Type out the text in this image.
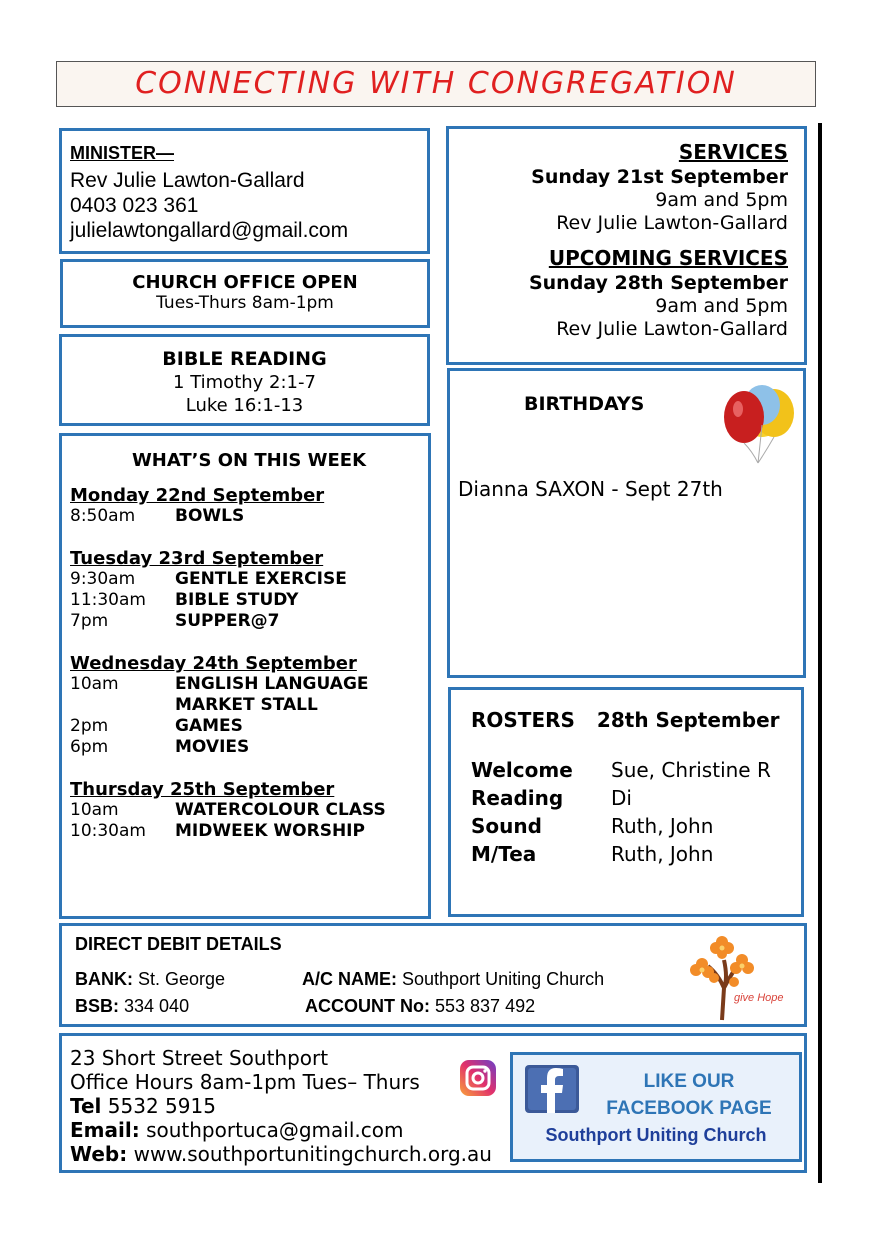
CONNECTING WITH CONGREGATION
MINISTER—
Rev Julie Lawton-Gallard
0403 023 361
julielawtongallard@gmail.com
CHURCH OFFICE OPEN
Tues-Thurs 8am-1pm
BIBLE READING
1 Timothy 2:1-7
Luke 16:1-13
WHAT’S ON THIS WEEK
Monday 22nd September
8:50am	BOWLS
Tuesday 23rd September
9:30am	GENTLE EXERCISE
11:30am	BIBLE STUDY
7pm	SUPPER@7
Wednesday 24th September
10am	ENGLISH LANGUAGE
MARKET STALL
2pm	GAMES
6pm	MOVIES
Thursday 25th September
10am	WATERCOLOUR CLASS
10:30am	MIDWEEK WORSHIP
SERVICES
Sunday 21st September
9am and 5pm
Rev Julie Lawton-Gallard
UPCOMING SERVICES
Sunday 28th September
9am and 5pm
Rev Julie Lawton-Gallard
BIRTHDAYS
Dianna SAXON - Sept 27th
ROSTERS 28th September
Welcome	Sue, Christine R
Reading	Di
Sound	Ruth, John
M/Tea	Ruth, John
DIRECT DEBIT DETAILS
BANK: St. George	A/C NAME: Southport Uniting Church
BSB: 334 040	ACCOUNT No: 553 837 492	give Hope
23 Short Street Southport
Office Hours 8am-1pm Tues– Thurs
Tel 5532 5915
Email: southportuca@gmail.com
Web: www.southportunitingchurch.org.au
LIKE OUR
FACEBOOK PAGE
Southport Uniting Church
